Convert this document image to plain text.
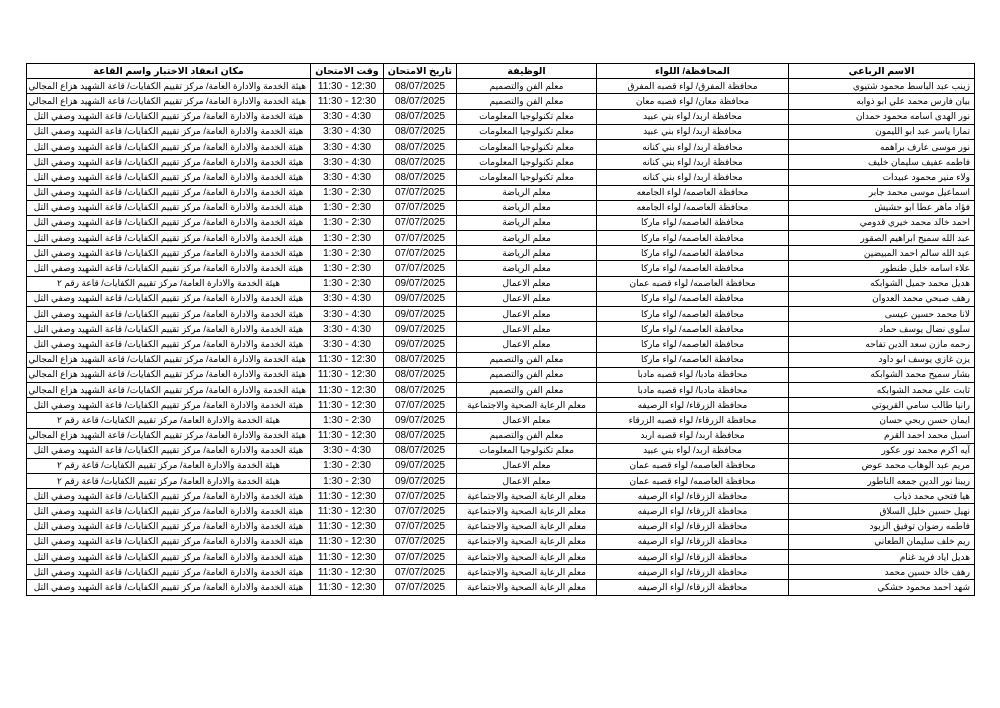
الاسم الرباعي	المحافظة/ اللواء	الوظيفة	تاريخ الامتحان	وقت الامتحان	مكان انعقاد الاختبار واسم القاعة
زينب عبد الباسط محمود شتيوي	محافظة المفرق/ لواء قصبه المفرق	معلم الفن والتصميم	08/07/2025	11:30 - 12:30	هيئة الخدمة والادارة العامة/ مركز تقييم الكفايات/ قاعة الشهيد هزاع المجالي
بيان فارس محمد علي ابو ذوابه	محافظة معان/ لواء قصبه معان	معلم الفن والتصميم	08/07/2025	11:30 - 12:30	هيئة الخدمة والادارة العامة/ مركز تقييم الكفايات/ قاعة الشهيد هزاع المجالي
نور الهدى اسامه محمود حمدان	محافظة اربد/ لواء بني عبيد	معلم تكنولوجيا المعلومات	08/07/2025	3:30 - 4:30	هيئة الخدمة والادارة العامة/ مركز تقييم الكفايات/ قاعة الشهيد وصفي التل
تمارا ياسر عبد ابو الليمون	محافظة اربد/ لواء بني عبيد	معلم تكنولوجيا المعلومات	08/07/2025	3:30 - 4:30	هيئة الخدمة والادارة العامة/ مركز تقييم الكفايات/ قاعة الشهيد وصفي التل
نور موسى عارف براهمه	محافظة اربد/ لواء بني كنانه	معلم تكنولوجيا المعلومات	08/07/2025	3:30 - 4:30	هيئة الخدمة والادارة العامة/ مركز تقييم الكفايات/ قاعة الشهيد وصفي التل
فاطمه عفيف سليمان خليف	محافظة اربد/ لواء بني كنانه	معلم تكنولوجيا المعلومات	08/07/2025	3:30 - 4:30	هيئة الخدمة والادارة العامة/ مركز تقييم الكفايات/ قاعة الشهيد وصفي التل
ولاء منير محمود عبيدات	محافظة اربد/ لواء بني كنانه	معلم تكنولوجيا المعلومات	08/07/2025	3:30 - 4:30	هيئة الخدمة والادارة العامة/ مركز تقييم الكفايات/ قاعة الشهيد وصفي التل
اسماعيل موسى محمد جابر	محافظة العاصمه/ لواء الجامعه	معلم الرياضة	07/07/2025	1:30 - 2:30	هيئة الخدمة والادارة العامة/ مركز تقييم الكفايات/ قاعة الشهيد وصفي التل
فؤاد ماهر عطا ابو حشيش	محافظة العاصمه/ لواء الجامعه	معلم الرياضة	07/07/2025	1:30 - 2:30	هيئة الخدمة والادارة العامة/ مركز تقييم الكفايات/ قاعة الشهيد وصفي التل
احمد خالد محمد خيري قدومي	محافظة العاصمه/ لواء ماركا	معلم الرياضة	07/07/2025	1:30 - 2:30	هيئة الخدمة والادارة العامة/ مركز تقييم الكفايات/ قاعة الشهيد وصفي التل
عبد الله سميح ابراهيم الصقور	محافظة العاصمه/ لواء ماركا	معلم الرياضة	07/07/2025	1:30 - 2:30	هيئة الخدمة والادارة العامة/ مركز تقييم الكفايات/ قاعة الشهيد وصفي التل
عبد الله سالم احمد المبيضين	محافظة العاصمه/ لواء ماركا	معلم الرياضة	07/07/2025	1:30 - 2:30	هيئة الخدمة والادارة العامة/ مركز تقييم الكفايات/ قاعة الشهيد وصفي التل
علاء اسامه خليل طنطور	محافظة العاصمه/ لواء ماركا	معلم الرياضة	07/07/2025	1:30 - 2:30	هيئة الخدمة والادارة العامة/ مركز تقييم الكفايات/ قاعة الشهيد وصفي التل
هديل محمد جميل الشوابكه	محافظة العاصمه/ لواء قصبه عمان	معلم الاعمال	09/07/2025	1:30 - 2:30	هيئة الخدمة والادارة العامة/ مركز تقييم الكفايات/ قاعة رقم ٢
رهف صبحي محمد العدوان	محافظة العاصمه/ لواء ماركا	معلم الاعمال	09/07/2025	3:30 - 4:30	هيئة الخدمة والادارة العامة/ مركز تقييم الكفايات/ قاعة الشهيد وصفي التل
لانا محمد حسين عيسى	محافظة العاصمه/ لواء ماركا	معلم الاعمال	09/07/2025	3:30 - 4:30	هيئة الخدمة والادارة العامة/ مركز تقييم الكفايات/ قاعة الشهيد وصفي التل
سلوى نضال يوسف حماد	محافظة العاصمه/ لواء ماركا	معلم الاعمال	09/07/2025	3:30 - 4:30	هيئة الخدمة والادارة العامة/ مركز تقييم الكفايات/ قاعة الشهيد وصفي التل
رحمه مازن سعد الدين تفاحه	محافظة العاصمه/ لواء ماركا	معلم الاعمال	09/07/2025	3:30 - 4:30	هيئة الخدمة والادارة العامة/ مركز تقييم الكفايات/ قاعة الشهيد وصفي التل
يزن غازي يوسف ابو داود	محافظة العاصمه/ لواء ماركا	معلم الفن والتصميم	08/07/2025	11:30 - 12:30	هيئة الخدمة والادارة العامة/ مركز تقييم الكفايات/ قاعة الشهيد هزاع المجالي
بشار سميح محمد الشوابكه	محافظة مادبا/ لواء قصبه مادبا	معلم الفن والتصميم	08/07/2025	11:30 - 12:30	هيئة الخدمة والادارة العامة/ مركز تقييم الكفايات/ قاعة الشهيد هزاع المجالي
ثابت علي محمد الشوابكه	محافظة مادبا/ لواء قصبه مادبا	معلم الفن والتصميم	08/07/2025	11:30 - 12:30	هيئة الخدمة والادارة العامة/ مركز تقييم الكفايات/ قاعة الشهيد هزاع المجالي
رانيا طالب سامي القريوتي	محافظة الزرقاء/ لواء الرصيفه	معلم الرعاية الصحية والاجتماعية	07/07/2025	11:30 - 12:30	هيئة الخدمة والادارة العامة/ مركز تقييم الكفايات/ قاعة الشهيد وصفي التل
ايمان حسن ربحي حسان	محافظة الزرقاء/ لواء قصبه الزرقاء	معلم الاعمال	09/07/2025	1:30 - 2:30	هيئة الخدمة والادارة العامة/ مركز تقييم الكفايات/ قاعة رقم ٢
اسيل محمد احمد القرم	محافظة اربد/ لواء قصبه اربد	معلم الفن والتصميم	08/07/2025	11:30 - 12:30	هيئة الخدمة والادارة العامة/ مركز تقييم الكفايات/ قاعة الشهيد هزاع المجالي
آيه اكرم محمد نور عكور	محافظة اربد/ لواء بني عبيد	معلم تكنولوجيا المعلومات	08/07/2025	3:30 - 4:30	هيئة الخدمة والادارة العامة/ مركز تقييم الكفايات/ قاعة الشهيد وصفي التل
مريم عبد الوهاب محمد عوض	محافظة العاصمه/ لواء قصبه عمان	معلم الاعمال	09/07/2025	1:30 - 2:30	هيئة الخدمة والادارة العامة/ مركز تقييم الكفايات/ قاعة رقم ٢
ريبنا نور الدين جمعه الناطور	محافظة العاصمه/ لواء قصبه عمان	معلم الاعمال	09/07/2025	1:30 - 2:30	هيئة الخدمة والادارة العامة/ مركز تقييم الكفايات/ قاعة رقم ٢
هيا فتحي محمد ذياب	محافظة الزرقاء/ لواء الرصيفه	معلم الرعاية الصحية والاجتماعية	07/07/2025	11:30 - 12:30	هيئة الخدمة والادارة العامة/ مركز تقييم الكفايات/ قاعة الشهيد وصفي التل
نهيل حسين خليل السلاق	محافظة الزرقاء/ لواء الرصيفه	معلم الرعاية الصحية والاجتماعية	07/07/2025	11:30 - 12:30	هيئة الخدمة والادارة العامة/ مركز تقييم الكفايات/ قاعة الشهيد وصفي التل
فاطمه رضوان توفيق الزيود	محافظة الزرقاء/ لواء الرصيفه	معلم الرعاية الصحية والاجتماعية	07/07/2025	11:30 - 12:30	هيئة الخدمة والادارة العامة/ مركز تقييم الكفايات/ قاعة الشهيد وصفي التل
ريم خلف سليمان الطعاني	محافظة الزرقاء/ لواء الرصيفه	معلم الرعاية الصحية والاجتماعية	07/07/2025	11:30 - 12:30	هيئة الخدمة والادارة العامة/ مركز تقييم الكفايات/ قاعة الشهيد وصفي التل
هديل اياد فريد غنام	محافظة الزرقاء/ لواء الرصيفه	معلم الرعاية الصحية والاجتماعية	07/07/2025	11:30 - 12:30	هيئة الخدمة والادارة العامة/ مركز تقييم الكفايات/ قاعة الشهيد وصفي التل
رهف خالد حسين محمد	محافظة الزرقاء/ لواء الرصيفه	معلم الرعاية الصحية والاجتماعية	07/07/2025	11:30 - 12:30	هيئة الخدمة والادارة العامة/ مركز تقييم الكفايات/ قاعة الشهيد وصفي التل
شهد احمد محمود حشكي	محافظة الزرقاء/ لواء الرصيفه	معلم الرعاية الصحية والاجتماعية	07/07/2025	11:30 - 12:30	هيئة الخدمة والادارة العامة/ مركز تقييم الكفايات/ قاعة الشهيد وصفي التل
